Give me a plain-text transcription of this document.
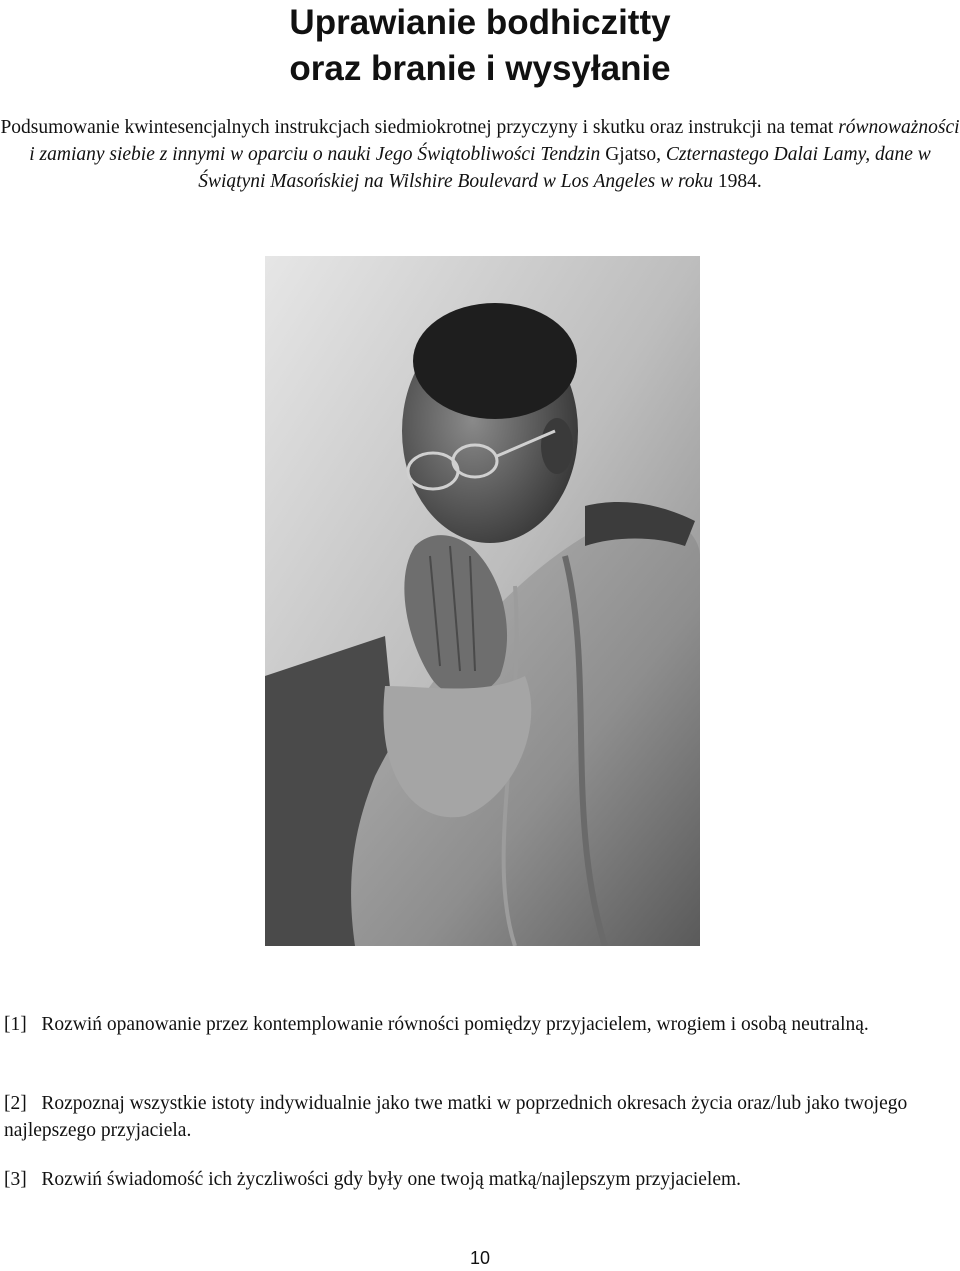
Uprawianie bodhiczitty
oraz branie i wysyłanie

Podsumowanie kwintesencjalnych instrukcjach siedmiokrotnej przyczyny i skutku oraz instrukcji na temat równoważności i zamiany siebie z innymi w oparciu o nauki Jego Świątobliwości Tendzin Gjatso, Czternastego Dalai Lamy, dane w Świątyni Masońskiej na Wilshire Boulevard w Los Angeles w roku 1984.

[1] Rozwiń opanowanie przez kontemplowanie równości pomiędzy przyjacielem, wrogiem i osobą neutralną.

[2] Rozpoznaj wszystkie istoty indywidualnie jako twe matki w poprzednich okresach życia oraz/lub jako twojego najlepszego przyjaciela.

[3] Rozwiń świadomość ich życzliwości gdy były one twoją matką/najlepszym przyjacielem.

10
